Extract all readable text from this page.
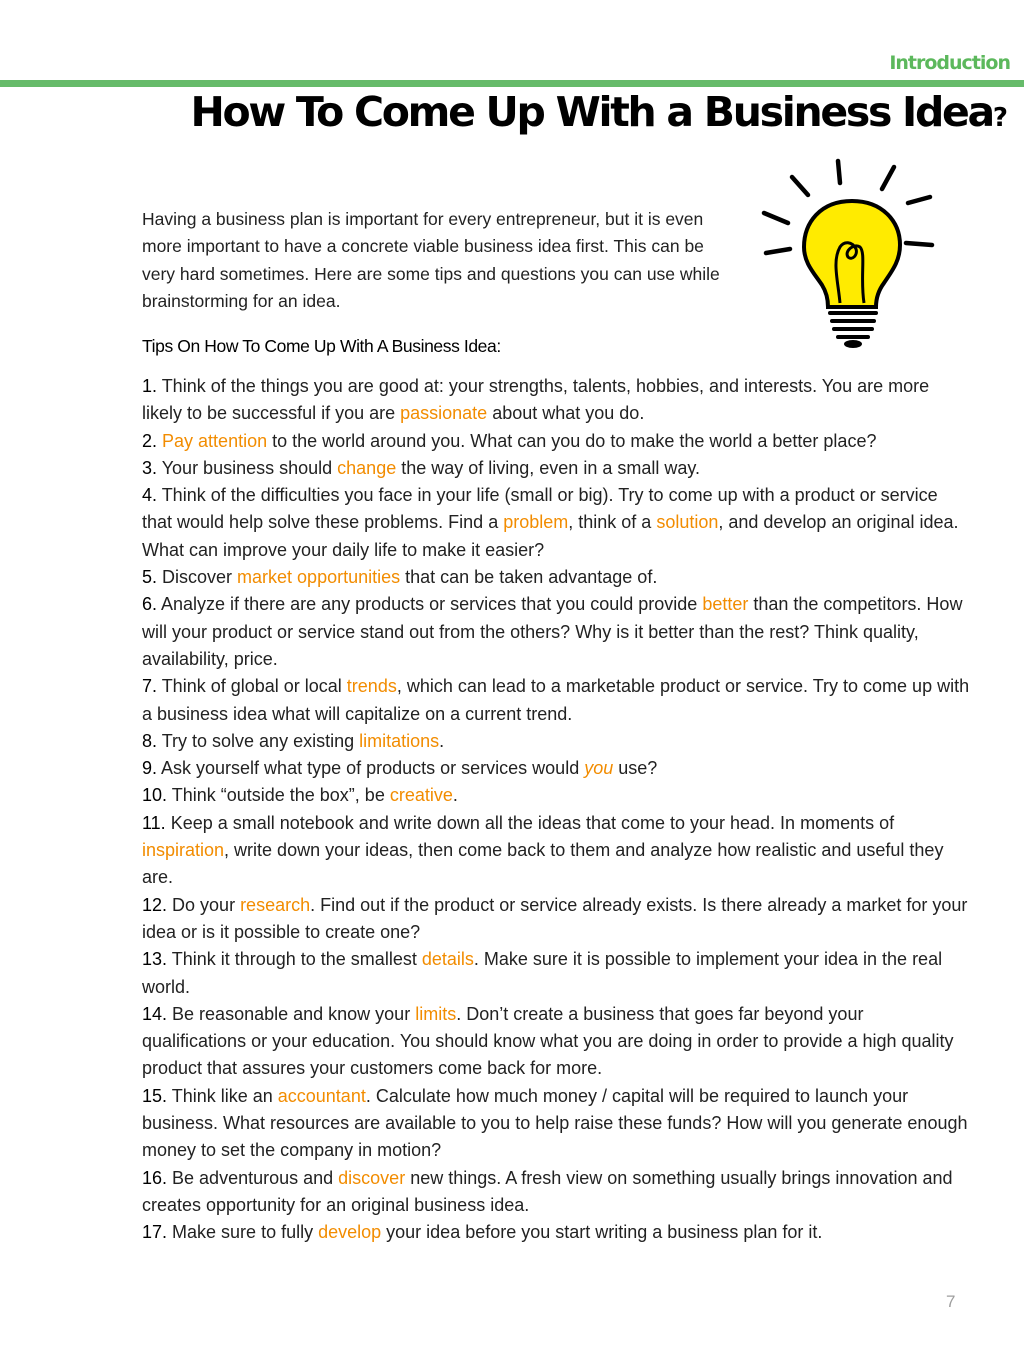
Introduction
How To Come Up With a Business Idea?

Having a business plan is important for every entrepreneur, but it is even more important to have a concrete viable business idea first. This can be very hard sometimes. Here are some tips and questions you can use while brainstorming for an idea.

Tips On How To Come Up With A Business Idea:
1. Think of the things you are good at: your strengths, talents, hobbies, and interests. You are more likely to be successful if you are passionate about what you do.
2. Pay attention to the world around you. What can you do to make the world a better place?
3. Your business should change the way of living, even in a small way.
4. Think of the difficulties you face in your life (small or big). Try to come up with a product or service that would help solve these problems. Find a problem, think of a solution, and develop an original idea. What can improve your daily life to make it easier?
5. Discover market opportunities that can be taken advantage of.
6. Analyze if there are any products or services that you could provide better than the competitors. How will your product or service stand out from the others? Why is it better than the rest? Think quality, availability, price.
7. Think of global or local trends, which can lead to a marketable product or service. Try to come up with a business idea what will capitalize on a current trend.
8. Try to solve any existing limitations.
9. Ask yourself what type of products or services would you use?
10. Think “outside the box”, be creative.
11. Keep a small notebook and write down all the ideas that come to your head. In moments of inspiration, write down your ideas, then come back to them and analyze how realistic and useful they are.
12. Do your research. Find out if the product or service already exists. Is there already a market for your idea or is it possible to create one?
13. Think it through to the smallest details. Make sure it is possible to implement your idea in the real world.
14. Be reasonable and know your limits. Don’t create a business that goes far beyond your qualifications or your education. You should know what you are doing in order to provide a high quality product that assures your customers come back for more.
15. Think like an accountant. Calculate how much money / capital will be required to launch your business. What resources are available to you to help raise these funds? How will you generate enough money to set the company in motion?
16. Be adventurous and discover new things. A fresh view on something usually brings innovation and creates opportunity for an original business idea.
17. Make sure to fully develop your idea before you start writing a business plan for it.
7
